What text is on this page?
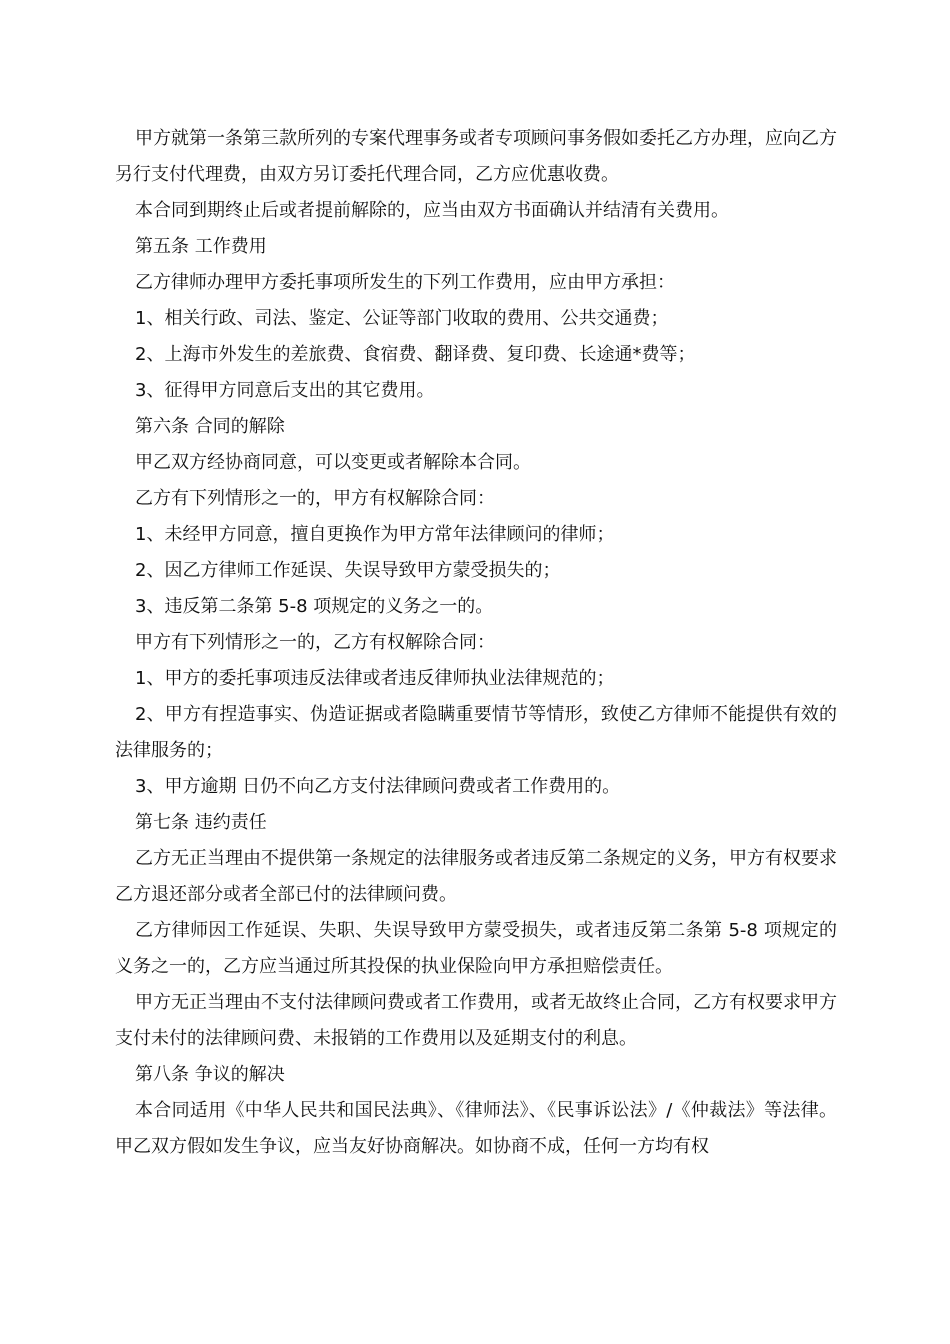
甲方就第一条第三款所列的专案代理事务或者专项顾问事务假如委托乙方办理，应向乙方另行支付代理费，由双方另订委托代理合同，乙方应优惠收费。

本合同到期终止后或者提前解除的，应当由双方书面确认并结清有关费用。

第五条 工作费用

乙方律师办理甲方委托事项所发生的下列工作费用，应由甲方承担：

1、相关行政、司法、鉴定、公证等部门收取的费用、公共交通费；

2、上海市外发生的差旅费、食宿费、翻译费、复印费、长途通*费等；

3、征得甲方同意后支出的其它费用。

第六条 合同的解除

甲乙双方经协商同意，可以变更或者解除本合同。

乙方有下列情形之一的，甲方有权解除合同：

1、未经甲方同意，擅自更换作为甲方常年法律顾问的律师；

2、因乙方律师工作延误、失误导致甲方蒙受损失的；

3、违反第二条第 5-8 项规定的义务之一的。

甲方有下列情形之一的，乙方有权解除合同：

1、甲方的委托事项违反法律或者违反律师执业法律规范的；

2、甲方有捏造事实、伪造证据或者隐瞒重要情节等情形，致使乙方律师不能提供有效的法律服务的；

3、甲方逾期 日仍不向乙方支付法律顾问费或者工作费用的。

第七条 违约责任

乙方无正当理由不提供第一条规定的法律服务或者违反第二条规定的义务，甲方有权要求乙方退还部分或者全部已付的法律顾问费。

乙方律师因工作延误、失职、失误导致甲方蒙受损失，或者违反第二条第 5-8 项规定的义务之一的，乙方应当通过所其投保的执业保险向甲方承担赔偿责任。

甲方无正当理由不支付法律顾问费或者工作费用，或者无故终止合同，乙方有权要求甲方支付未付的法律顾问费、未报销的工作费用以及延期支付的利息。

第八条 争议的解决

本合同适用《中华人民共和国民法典》、《律师法》、《民事诉讼法》/《仲裁法》等法律。 甲乙双方假如发生争议，应当友好协商解决。如协商不成，任何一方均有权
